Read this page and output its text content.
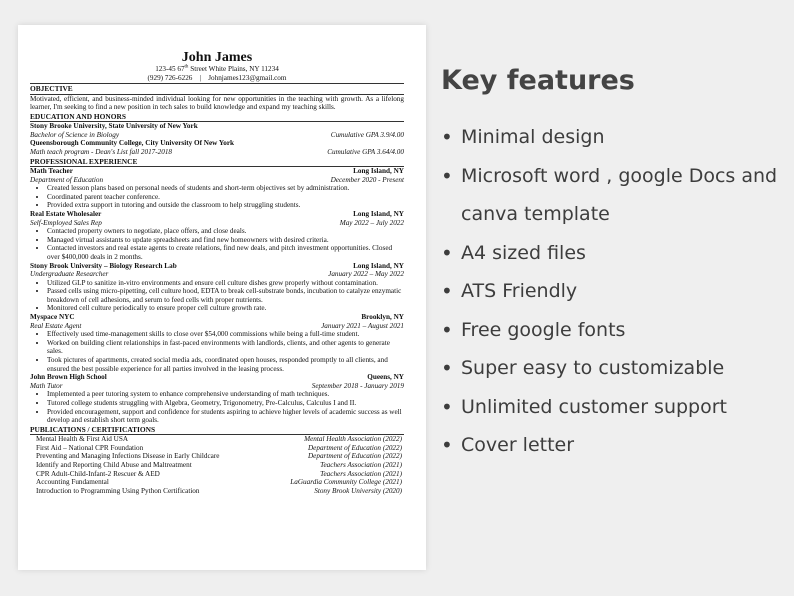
John James
123-45 67th Street White Plains, NY 11234
(929) 726-6226    |    Johnjames123@gmail.com
OBJECTIVE
Motivated, efficient, and business-minded individual looking for new opportunities in the teaching with growth. As a lifelong learner, I'm seeking to find a new position in tech sales to build knowledge and expand my teaching skills.
EDUCATION AND HONORS
Stony Brooke University, State University of New York
Bachelor of Science in Biology	Cumulative GPA 3.9/4.00
Queensborough Community College, City University Of New York
Math teach program - Dean's List fall 2017-2018	Cumulative GPA 3.64/4.00
PROFESSIONAL EXPERIENCE
Math Teacher	Long Island, NY
Department of Education	December 2020 - Present
• Created lesson plans based on personal needs of students and short-term objectives set by administration.
• Coordinated parent teacher conference.
• Provided extra support in tutoring and outside the classroom to help struggling students.
Real Estate Wholesaler	Long Island, NY
Self-Employed Sales Rep	May 2022 – July 2022
• Contacted property owners to negotiate, place offers, and close deals.
• Managed virtual assistants to update spreadsheets and find new homeowners with desired criteria.
• Contacted investors and real estate agents to create relations, find new deals, and pitch investment opportunities. Closed over $400,000 deals in 2 months.
Stony Brook University – Biology Research Lab	Long Island, NY
Undergraduate Researcher	January 2022 – May 2022
• Utilized GLP to sanitize in-vitro environments and ensure cell culture dishes grew properly without contamination.
• Passed cells using micro-pipetting, cell culture hood, EDTA to break cell-substrate bonds, incubation to catalyze enzymatic breakdown of cell adhesions, and serum to feed cells with proper nutrients.
• Monitored cell culture periodically to ensure proper cell culture growth rate.
Myspace NYC	Brooklyn, NY
Real Estate Agent	January 2021 – August 2021
• Effectively used time-management skills to close over $54,000 commissions while being a full-time student.
• Worked on building client relationships in fast-paced environments with landlords, clients, and other agents to generate sales.
• Took pictures of apartments, created social media ads, coordinated open houses, responded promptly to all clients, and ensured the best possible experience for all parties involved in the leasing process.
John Brown High School	Queens, NY
Math Tutor	September 2018 - January 2019
• Implemented a peer tutoring system to enhance comprehensive understanding of math techniques.
• Tutored college students struggling with Algebra, Geometry, Trigonometry, Pre-Calculus, Calculus I and II.
• Provided encouragement, support and confidence for students aspiring to achieve higher levels of academic success as well develop and establish short term goals.
PUBLICATIONS / CERTIFICATIONS
Mental Health & First Aid USA	Mental Health Association (2022)
First Aid – National CPR Foundation	Department of Education (2022)
Preventing and Managing Infections Disease in Early Childcare	Department of Education (2022)
Identify and Reporting Child Abuse and Maltreatment	Teachers Association (2021)
CPR Adult-Child-Infant-2 Rescuer & AED	Teachers Association (2021)
Accounting Fundamental	LaGuardia Community College (2021)
Introduction to Programming Using Python Certification	Stony Brook University (2020)
Key features
• Minimal design
• Microsoft word , google Docs and
canva template
• A4 sized files
• ATS Friendly
• Free google fonts
• Super easy to customizable
• Unlimited customer support
• Cover letter
